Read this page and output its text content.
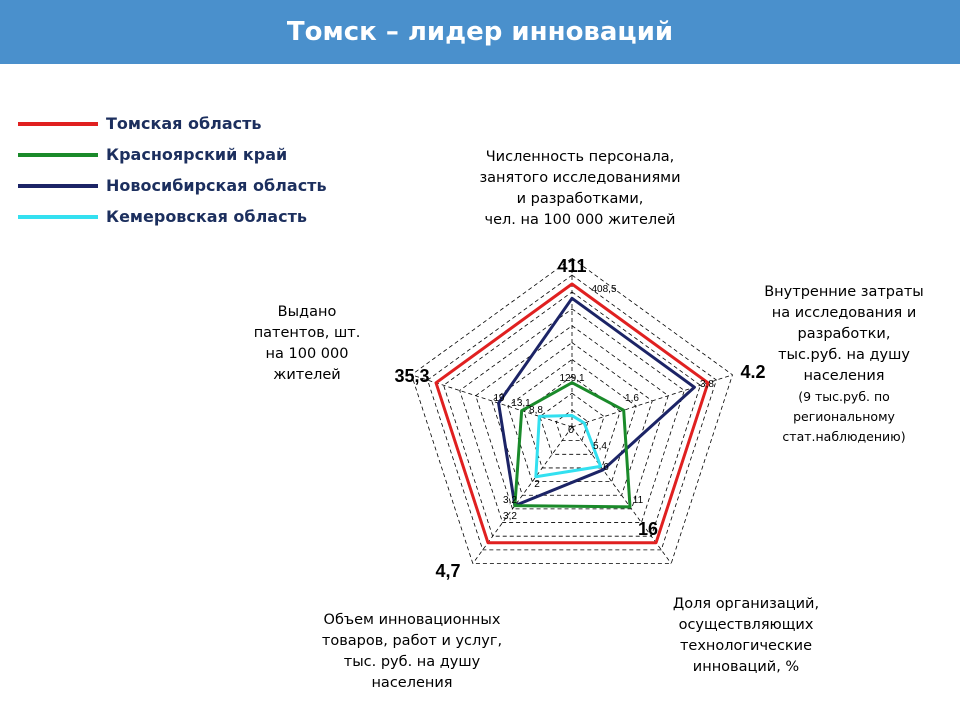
Томск – лидер инноваций
Томская область
Красноярский край
Новосибирская область
Кемеровская область
Численность персонала,
занятого исследованиями
и разработками,
чел. на 100 000 жителей
Внутренние затраты
на исследования и
разработки,
тыс.руб. на душу
населения
(9 тыс.руб. по
региональному
стат.наблюдению)
Доля организаций,
осуществляющих
технологические
инноваций, %
Объем инновационных
товаров, работ и услуг,
тыс. руб. на душу
населения
Выдано
патентов, шт.
на 100 000
жителей
0
411
4.2
16
4,7
35,3	129,1
1,6
11
3,2
13,1
408,5
3,8
6
3,2
19
5,4
2
8,8
